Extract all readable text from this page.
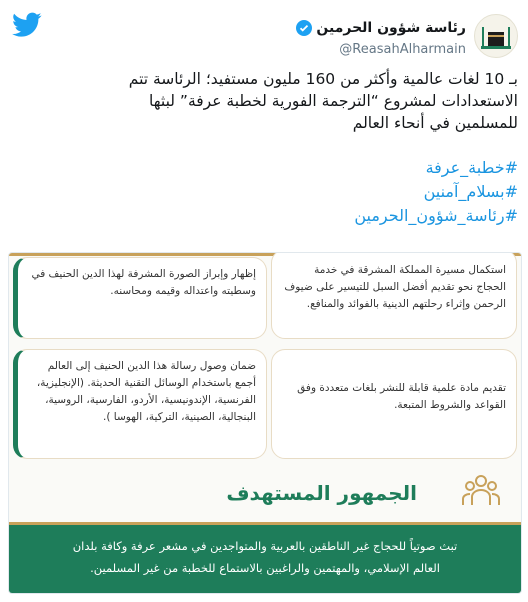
رئاسة شؤون الحرمين
@ReasahAlharmain

بـ 10 لغات عالمية وأكثر من 160 مليون مستفيد؛ الرئاسة تتم

الاستعدادات لمشروع “الترجمة الفورية لخطبة عرفة” لبثها

للمسلمين في أنحاء العالم

#خطبة_عرفة
#بسلام_آمنين
#رئاسة_شؤون_الحرمين
إظهار وإبراز الصورة المشرفة لهذا الدين الحنيف في وسطيته واعتداله وقيمه ومحاسنه.
استكمال مسيرة المملكة المشرقة في خدمة الحجاج نحو تقديم أفضل السبل للتيسير على ضيوف الرحمن وإثراء رحلتهم الدينية بالفوائد والمنافع.
ضمان وصول رسالة هذا الدين الحنيف إلى العالم أجمع باستخدام الوسائل التقنية الحديثة. (الإنجليزية، الفرنسية، الإندونيسية، الأردو، الفارسية، الروسية، البنجالية، الصينية، التركية، الهوسا ).
تقديم مادة علمية قابلة للنشر بلغات متعددة وفق القواعد والشروط المتبعة.
الجمهور المستهدف
تبث صوتياً للحجاج غير الناطقين بالعربية والمتواجدين في مشعر عرفة وكافة بلدان
العالم الإسلامي، والمهتمين والراغبين بالاستماع للخطبة من غير المسلمين.
